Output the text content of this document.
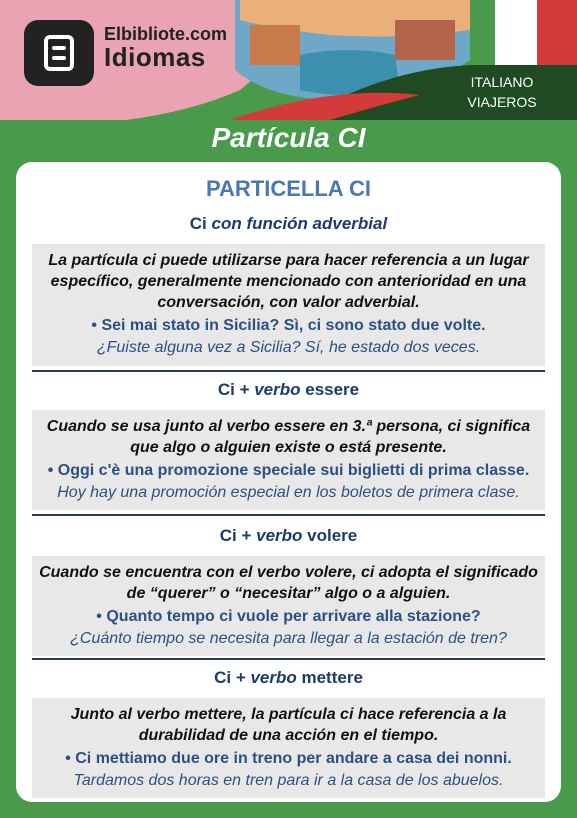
Elbibliote.com
Idiomas
ITALIANO
VIAJEROS
Partícula CI
PARTICELLA CI
Ci con función adverbial
La partícula ci puede utilizarse para hacer referencia a un lugar específico, generalmente mencionado con anterioridad en una conversación, con valor adverbial.
• Sei mai stato in Sicilia? Sì, ci sono stato due volte.
¿Fuiste alguna vez a Sicilia? Sí, he estado dos veces.
Ci + verbo essere
Cuando se usa junto al verbo essere en 3.ª persona, ci significa que algo o alguien existe o está presente.
• Oggi c'è una promozione speciale sui biglietti di prima classe.
Hoy hay una promoción especial en los boletos de primera clase.
Ci + verbo volere
Cuando se encuentra con el verbo volere, ci adopta el significado de “querer” o “necesitar” algo o a alguien.
• Quanto tempo ci vuole per arrivare alla stazione?
¿Cuánto tiempo se necesita para llegar a la estación de tren?
Ci + verbo mettere
Junto al verbo mettere, la partícula ci hace referencia a la durabilidad de una acción en el tiempo.
• Ci mettiamo due ore in treno per andare a casa dei nonni.
Tardamos dos horas en tren para ir a la casa de los abuelos.
